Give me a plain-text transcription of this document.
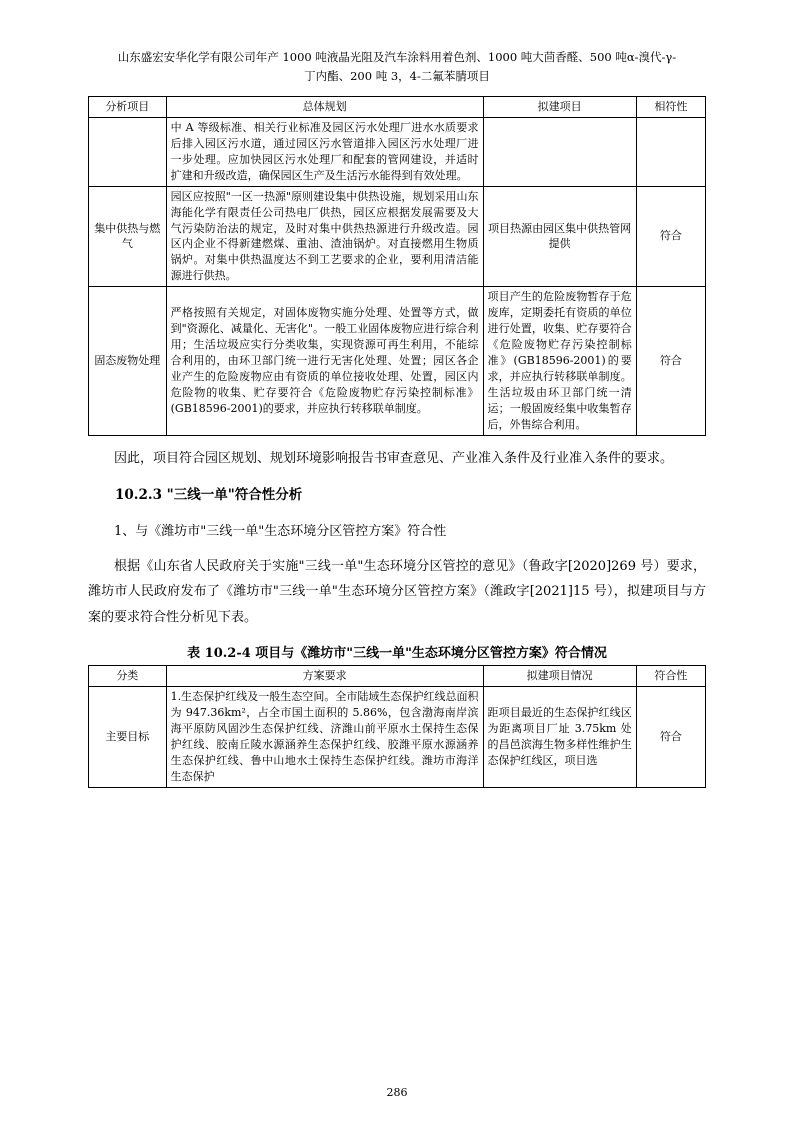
山东盛宏安华化学有限公司年产 1000 吨液晶光阻及汽车涂料用着色剂、1000 吨大茴香醛、500 吨α-溴代-γ-
丁内酯、200 吨 3，4-二氟苯腈项目
分析项目	总体规划	拟建项目	相符性
	中 A 等级标准、相关行业标准及园区污水处理厂进水水质要求后排入园区污水道，通过园区污水管道排入园区污水处理厂进一步处理。应加快园区污水处理厂和配套的管网建设，并适时扩建和升级改造，确保园区生产及生活污水能得到有效处理。		
集中供热与燃气	园区应按照"一区一热源"原则建设集中供热设施，规划采用山东海能化学有限责任公司热电厂供热，园区应根据发展需要及大气污染防治法的规定，及时对集中供热热源进行升级改造。园区内企业不得新建燃煤、重油、渣油锅炉。对直接燃用生物质锅炉。对集中供热温度达不到工艺要求的企业，要利用清洁能源进行供热。	项目热源由园区集中供热管网提供	符合
固态废物处理	严格按照有关规定，对固体废物实施分处理、处置等方式，做到"资源化、减量化、无害化"。一般工业固体废物应进行综合利用；生活垃圾应实行分类收集，实现资源可再生利用，不能综合利用的，由环卫部门统一进行无害化处理、处置；园区各企业产生的危险废物应由有资质的单位接收处理、处置，园区内危险物的收集、贮存要符合《危险废物贮存污染控制标准》(GB18596-2001)的要求，并应执行转移联单制度。	项目产生的危险废物暂存于危废库，定期委托有资质的单位进行处置，收集、贮存要符合《危险废物贮存污染控制标准》(GB18596-2001)的要求，并应执行转移联单制度。生活垃圾由环卫部门统一清运；一般固废经集中收集暂存后，外售综合利用。	符合

因此，项目符合园区规划、规划环境影响报告书审查意见、产业准入条件及行业准入条件的要求。

10.2.3 "三线一单"符合性分析

1、与《潍坊市"三线一单"生态环境分区管控方案》符合性

根据《山东省人民政府关于实施"三线一单"生态环境分区管控的意见》（鲁政字[2020]269 号）要求，潍坊市人民政府发布了《潍坊市"三线一单"生态环境分区管控方案》（潍政字[2021]15 号），拟建项目与方案的要求符合性分析见下表。

表 10.2-4 项目与《潍坊市"三线一单"生态环境分区管控方案》符合情况
分类	方案要求	拟建项目情况	符合性
主要目标	1.生态保护红线及一般生态空间。全市陆域生态保护红线总面积为 947.36km²，占全市国土面积的 5.86%，包含渤海南岸滨海平原防风固沙生态保护红线、济潍山前平原水土保持生态保护红线、胶南丘陵水源涵养生态保护红线、胶潍平原水源涵养生态保护红线、鲁中山地水土保持生态保护红线。潍坊市海洋生态保护	距项目最近的生态保护红线区为距离项目厂址 3.75km 处的昌邑滨海生物多样性维护生态保护红线区，项目选	符合
286
